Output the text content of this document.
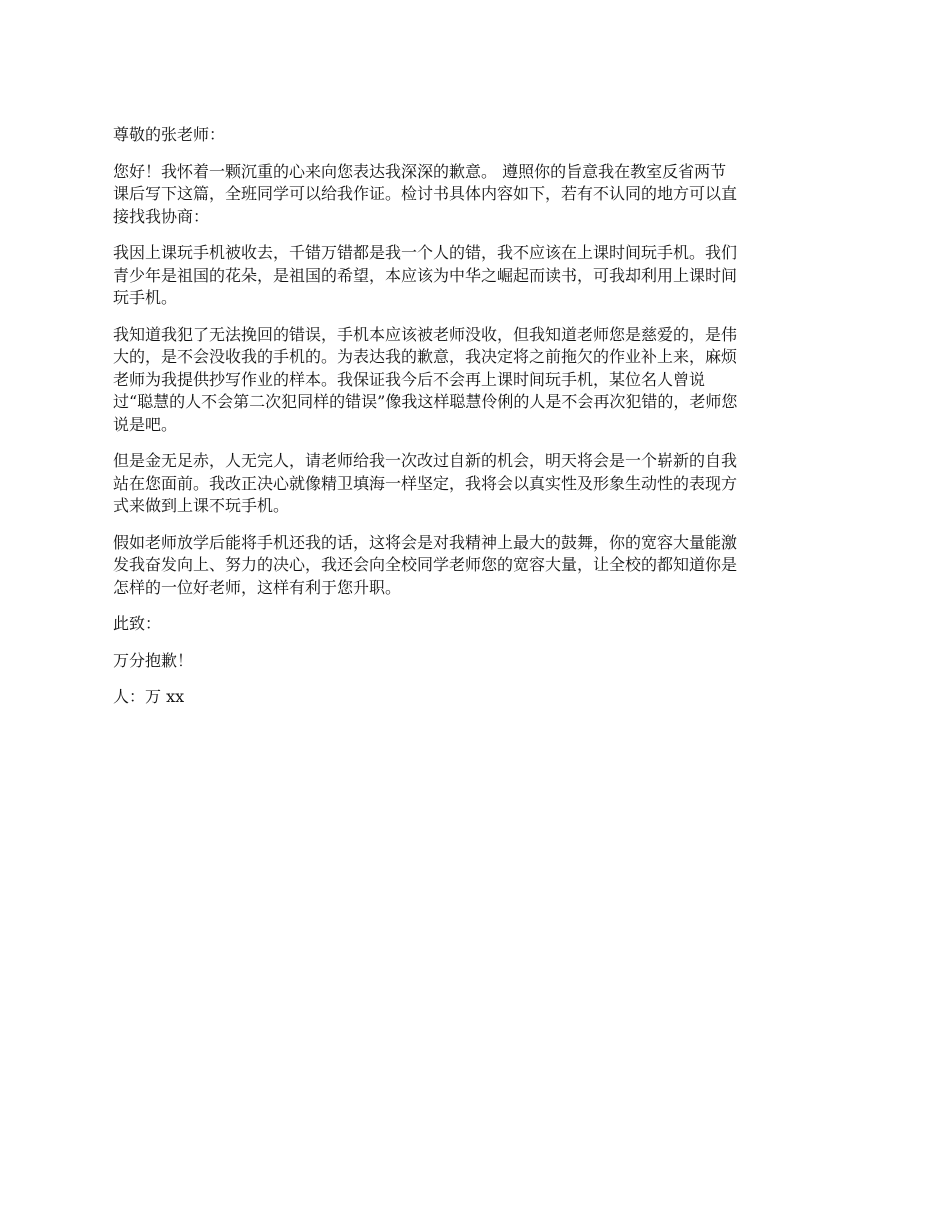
尊敬的张老师：

您好！我怀着一颗沉重的心来向您表达我深深的歉意。 遵照你的旨意我在教室反省两节
课后写下这篇，全班同学可以给我作证。检讨书具体内容如下，若有不认同的地方可以直
接找我协商：

我因上课玩手机被收去，千错万错都是我一个人的错，我不应该在上课时间玩手机。我们
青少年是祖国的花朵，是祖国的希望，本应该为中华之崛起而读书，可我却利用上课时间
玩手机。

我知道我犯了无法挽回的错误，手机本应该被老师没收，但我知道老师您是慈爱的，是伟
大的，是不会没收我的手机的。为表达我的歉意，我决定将之前拖欠的作业补上来，麻烦
老师为我提供抄写作业的样本。我保证我今后不会再上课时间玩手机，某位名人曾说
过“聪慧的人不会第二次犯同样的错误”像我这样聪慧伶俐的人是不会再次犯错的，老师您
说是吧。

但是金无足赤，人无完人，请老师给我一次改过自新的机会，明天将会是一个崭新的自我
站在您面前。我改正决心就像精卫填海一样坚定，我将会以真实性及形象生动性的表现方
式来做到上课不玩手机。

假如老师放学后能将手机还我的话，这将会是对我精神上最大的鼓舞，你的宽容大量能激
发我奋发向上、努力的决心，我还会向全校同学老师您的宽容大量，让全校的都知道你是
怎样的一位好老师，这样有利于您升职。

此致：

万分抱歉！

人：万 xx
